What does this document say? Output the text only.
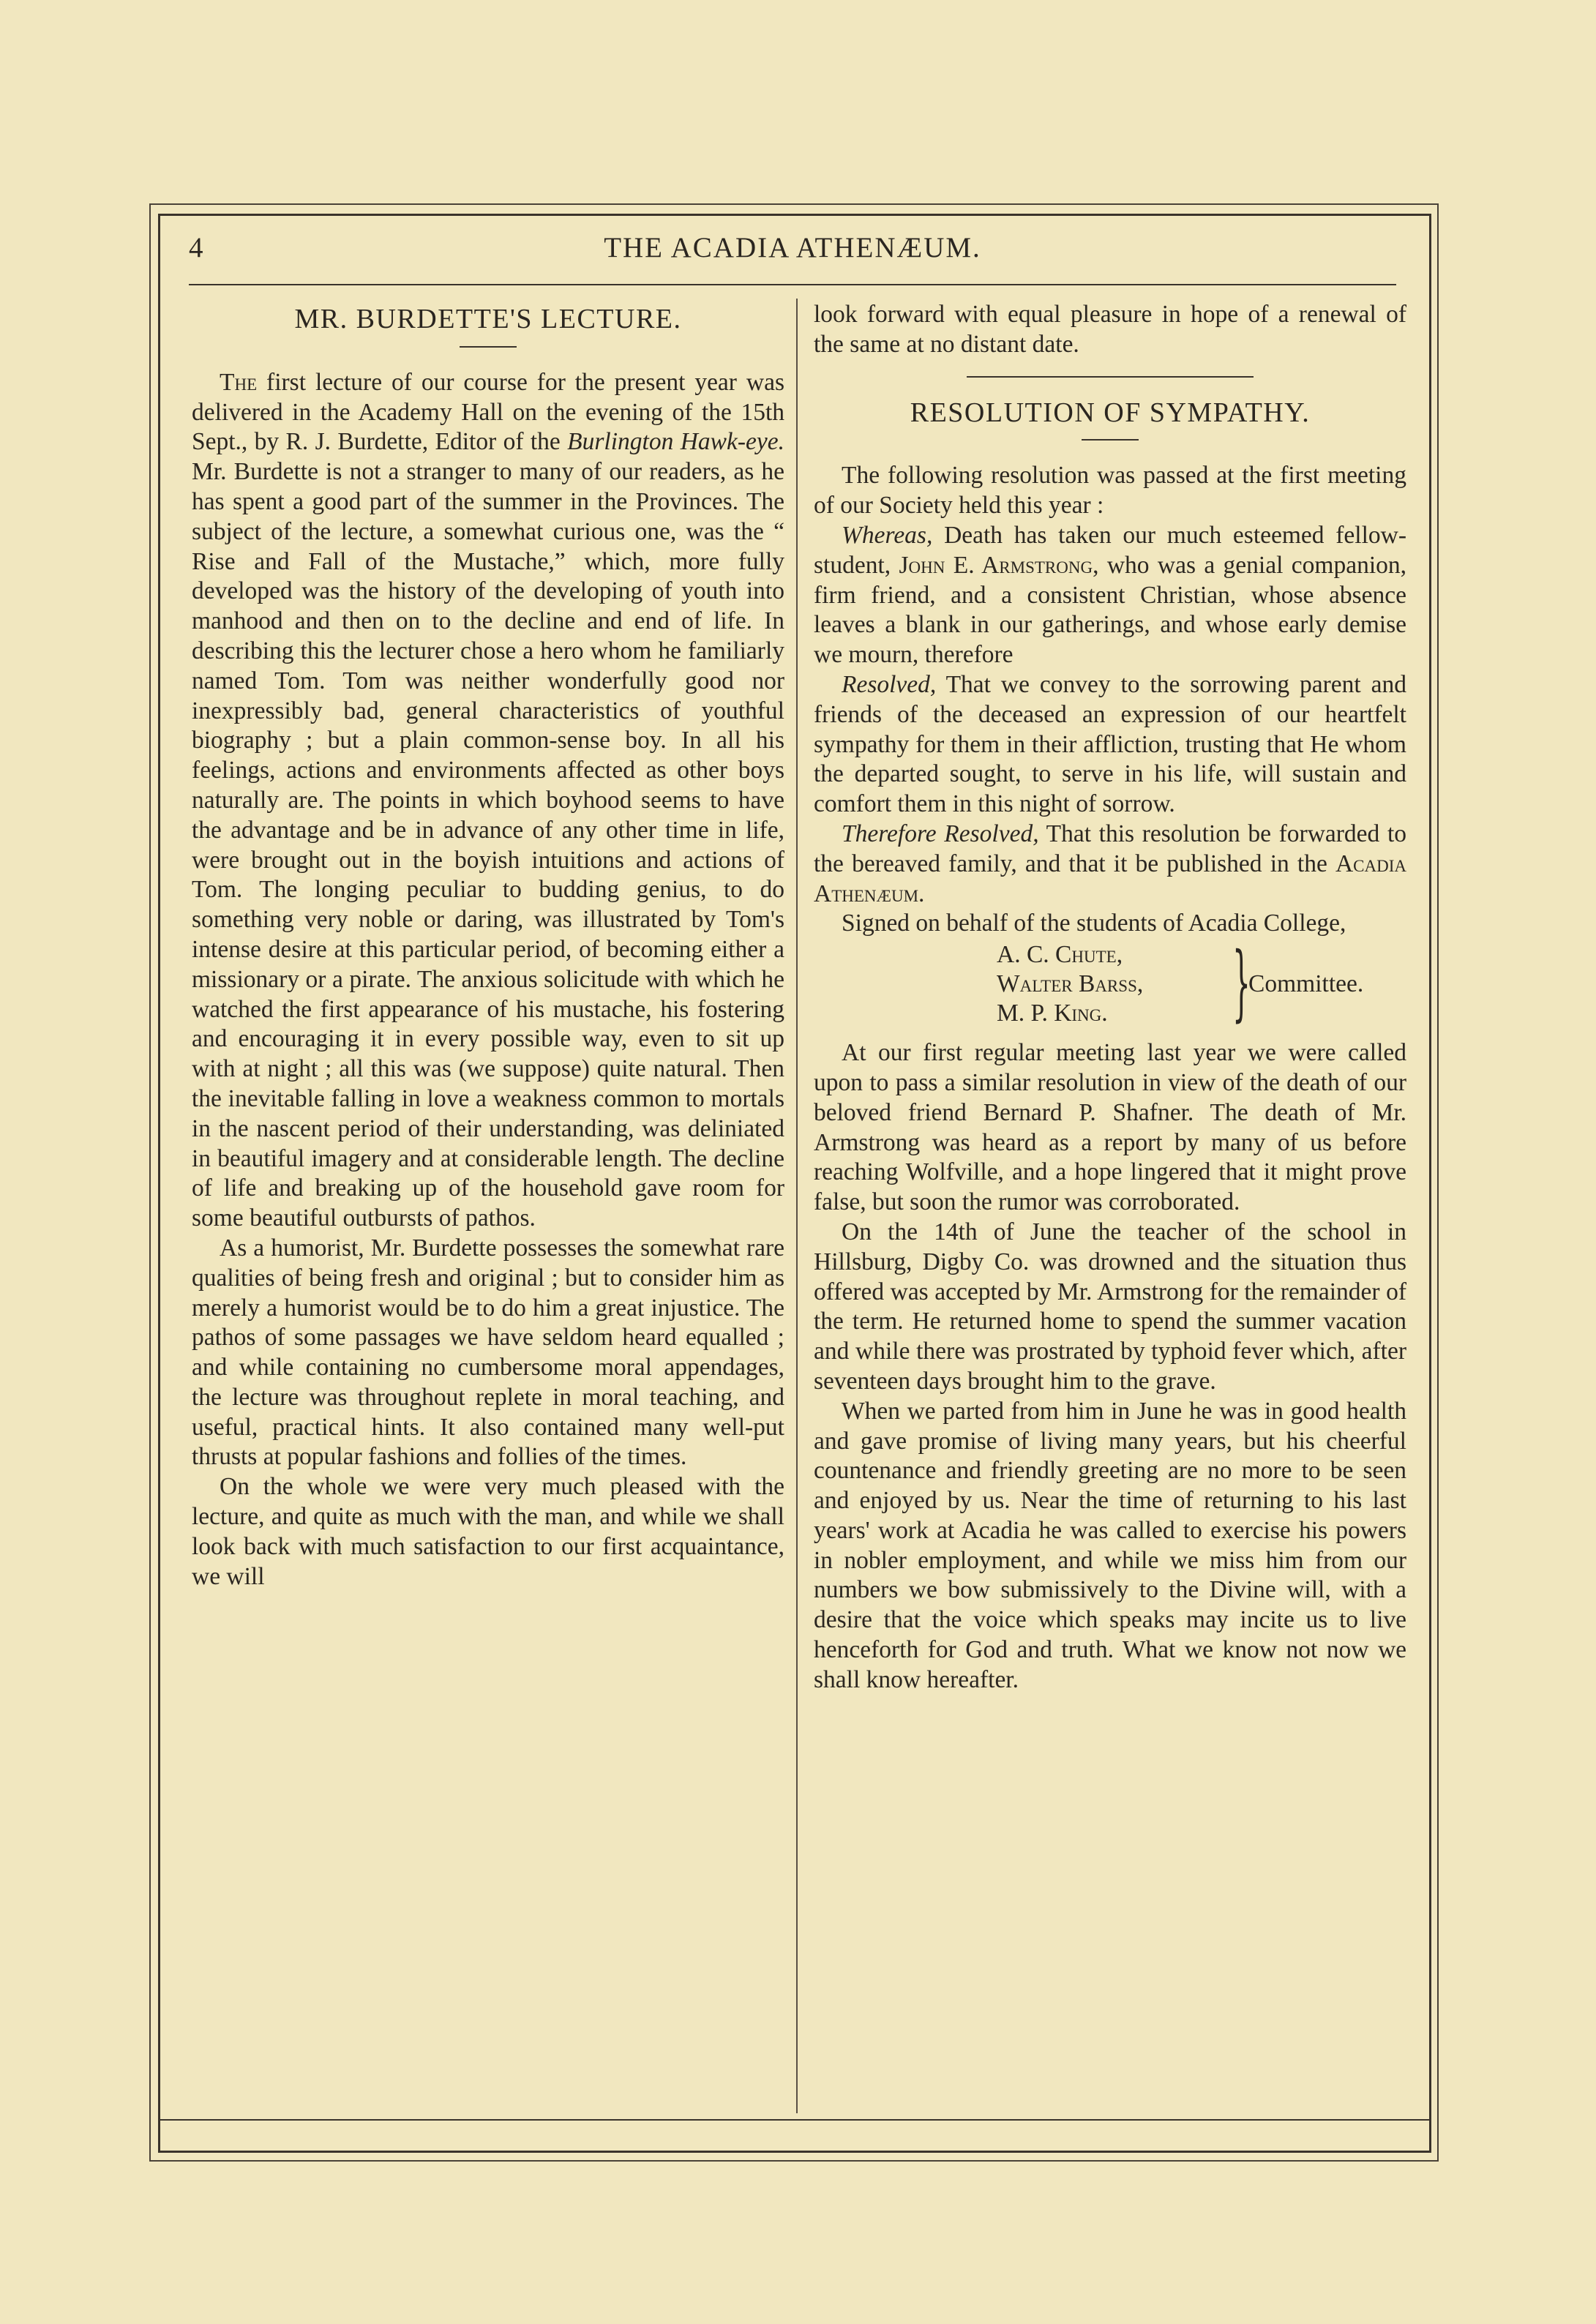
4	THE ACADIA ATHENÆUM.
MR. BURDETTE'S LECTURE.

The first lecture of our course for the present year was delivered in the Academy Hall on the evening of the 15th Sept., by R. J. Burdette, Editor of the Burlington Hawk-eye. Mr. Burdette is not a stranger to many of our readers, as he has spent a good part of the summer in the Provinces. The subject of the lecture, a somewhat curious one, was the “ Rise and Fall of the Mustache,” which, more fully developed was the history of the developing of youth into manhood and then on to the decline and end of life. In describing this the lecturer chose a hero whom he familiarly named Tom. Tom was neither wonderfully good nor inexpressibly bad, general characteristics of youthful biography ; but a plain common-sense boy. In all his feelings, actions and environments affected as other boys naturally are. The points in which boyhood seems to have the advantage and be in advance of any other time in life, were brought out in the boyish intuitions and actions of Tom. The longing peculiar to budding genius, to do something very noble or daring, was illustrated by Tom's intense desire at this particular period, of becoming either a missionary or a pirate. The anxious solicitude with which he watched the first appearance of his mustache, his fostering and encouraging it in every possible way, even to sit up with at night ; all this was (we suppose) quite natural. Then the inevitable falling in love a weakness common to mortals in the nascent period of their understanding, was deliniated in beautiful imagery and at considerable length. The decline of life and breaking up of the household gave room for some beautiful outbursts of pathos.

As a humorist, Mr. Burdette possesses the somewhat rare qualities of being fresh and original ; but to consider him as merely a humorist would be to do him a great injustice. The pathos of some passages we have seldom heard equalled ; and while containing no cumbersome moral appendages, the lecture was throughout replete in moral teaching, and useful, practical hints. It also contained many well-put thrusts at popular fashions and follies of the times.

On the whole we were very much pleased with the lecture, and quite as much with the man, and while we shall look back with much satisfaction to our first acquaintance, we will

look forward with equal pleasure in hope of a renewal of the same at no distant date.

RESOLUTION OF SYMPATHY.

The following resolution was passed at the first meeting of our Society held this year :

Whereas, Death has taken our much esteemed fellow-student, John E. Armstrong, who was a genial companion, firm friend, and a consistent Christian, whose absence leaves a blank in our gatherings, and whose early demise we mourn, therefore

Resolved, That we convey to the sorrowing parent and friends of the deceased an expression of our heartfelt sympathy for them in their affliction, trusting that He whom the departed sought, to serve in his life, will sustain and comfort them in this night of sorrow.

Therefore Resolved, That this resolution be forwarded to the bereaved family, and that it be published in the Acadia Athenæum.

Signed on behalf of the students of Acadia College,

A. C. Chute,
Walter Barss,
M. P. King. }
Committee.

At our first regular meeting last year we were called upon to pass a similar resolution in view of the death of our beloved friend Bernard P. Shafner. The death of Mr. Armstrong was heard as a report by many of us before reaching Wolfville, and a hope lingered that it might prove false, but soon the rumor was corroborated.

On the 14th of June the teacher of the school in Hillsburg, Digby Co. was drowned and the situation thus offered was accepted by Mr. Armstrong for the remainder of the term. He returned home to spend the summer vacation and while there was prostrated by typhoid fever which, after seventeen days brought him to the grave.

When we parted from him in June he was in good health and gave promise of living many years, but his cheerful countenance and friendly greeting are no more to be seen and enjoyed by us. Near the time of returning to his last years' work at Acadia he was called to exercise his powers in nobler employment, and while we miss him from our numbers we bow submissively to the Divine will, with a desire that the voice which speaks may incite us to live henceforth for God and truth. What we know not now we shall know hereafter.
